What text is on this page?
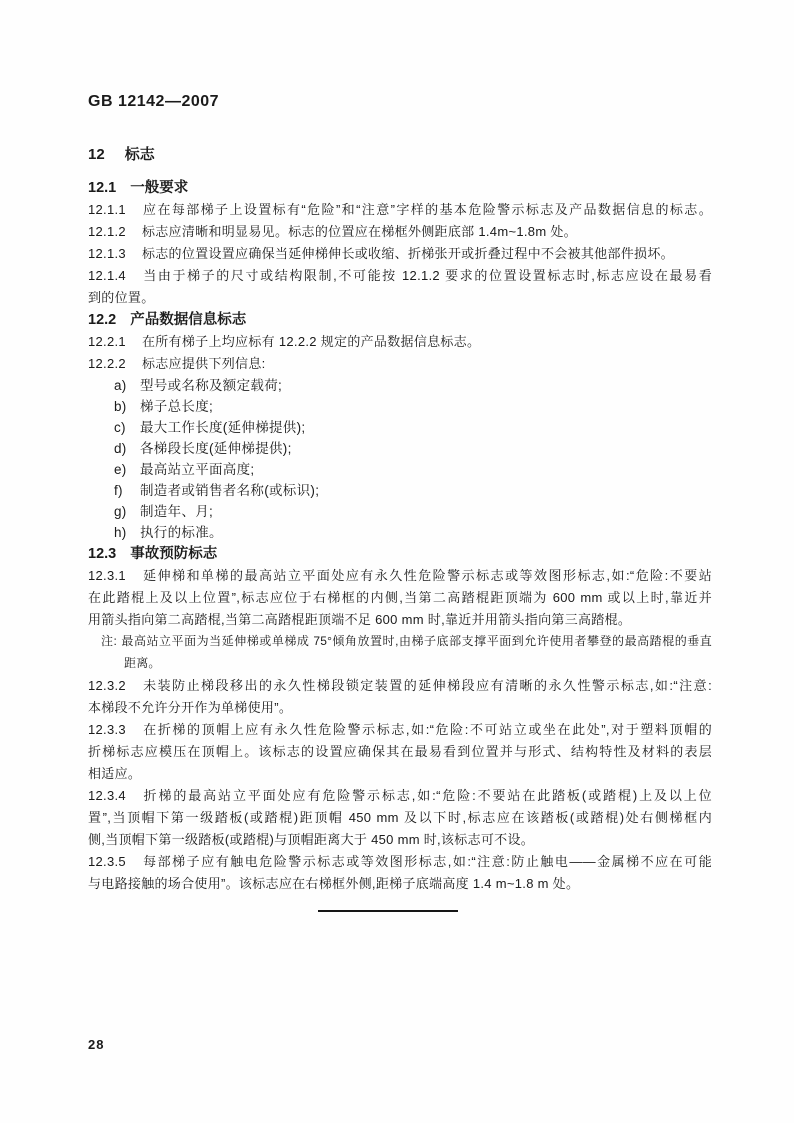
GB 12142—2007
12 标志
12.1 一般要求
12.1.1 应在每部梯子上设置标有“危险”和“注意”字样的基本危险警示标志及产品数据信息的标志。
12.1.2 标志应清晰和明显易见。标志的位置应在梯框外侧距底部 1.4m~1.8m 处。
12.1.3 标志的位置设置应确保当延伸梯伸长或收缩、折梯张开或折叠过程中不会被其他部件损坏。
12.1.4 当由于梯子的尺寸或结构限制,不可能按 12.1.2 要求的位置设置标志时,标志应设在最易看
到的位置。
12.2 产品数据信息标志
12.2.1 在所有梯子上均应标有 12.2.2 规定的产品数据信息标志。
12.2.2 标志应提供下列信息:
a) 型号或名称及额定载荷;
b) 梯子总长度;
c) 最大工作长度(延伸梯提供);
d) 各梯段长度(延伸梯提供);
e) 最高站立平面高度;
f) 制造者或销售者名称(或标识);
g) 制造年、月;
h) 执行的标准。
12.3 事故预防标志
12.3.1 延伸梯和单梯的最高站立平面处应有永久性危险警示标志或等效图形标志,如:“危险:不要站
在此踏棍上及以上位置”,标志应位于右梯框的内侧,当第二高踏棍距顶端为 600 mm 或以上时,靠近并
用箭头指向第二高踏棍,当第二高踏棍距顶端不足 600 mm 时,靠近并用箭头指向第三高踏棍。
注: 最高站立平面为当延伸梯或单梯成 75°倾角放置时,由梯子底部支撑平面到允许使用者攀登的最高踏棍的垂直
距离。
12.3.2 未装防止梯段移出的永久性梯段锁定装置的延伸梯段应有清晰的永久性警示标志,如:“注意:
本梯段不允许分开作为单梯使用”。
12.3.3 在折梯的顶帽上应有永久性危险警示标志,如:“危险:不可站立或坐在此处”,对于塑料顶帽的
折梯标志应模压在顶帽上。该标志的设置应确保其在最易看到位置并与形式、结构特性及材料的表层
相适应。
12.3.4 折梯的最高站立平面处应有危险警示标志,如:“危险:不要站在此踏板(或踏棍)上及以上位
置”,当顶帽下第一级踏板(或踏棍)距顶帽 450 mm 及以下时,标志应在该踏板(或踏棍)处右侧梯框内
侧,当顶帽下第一级踏板(或踏棍)与顶帽距离大于 450 mm 时,该标志可不设。
12.3.5 每部梯子应有触电危险警示标志或等效图形标志,如:“注意:防止触电——金属梯不应在可能
与电路接触的场合使用”。该标志应在右梯框外侧,距梯子底端高度 1.4 m~1.8 m 处。
28
